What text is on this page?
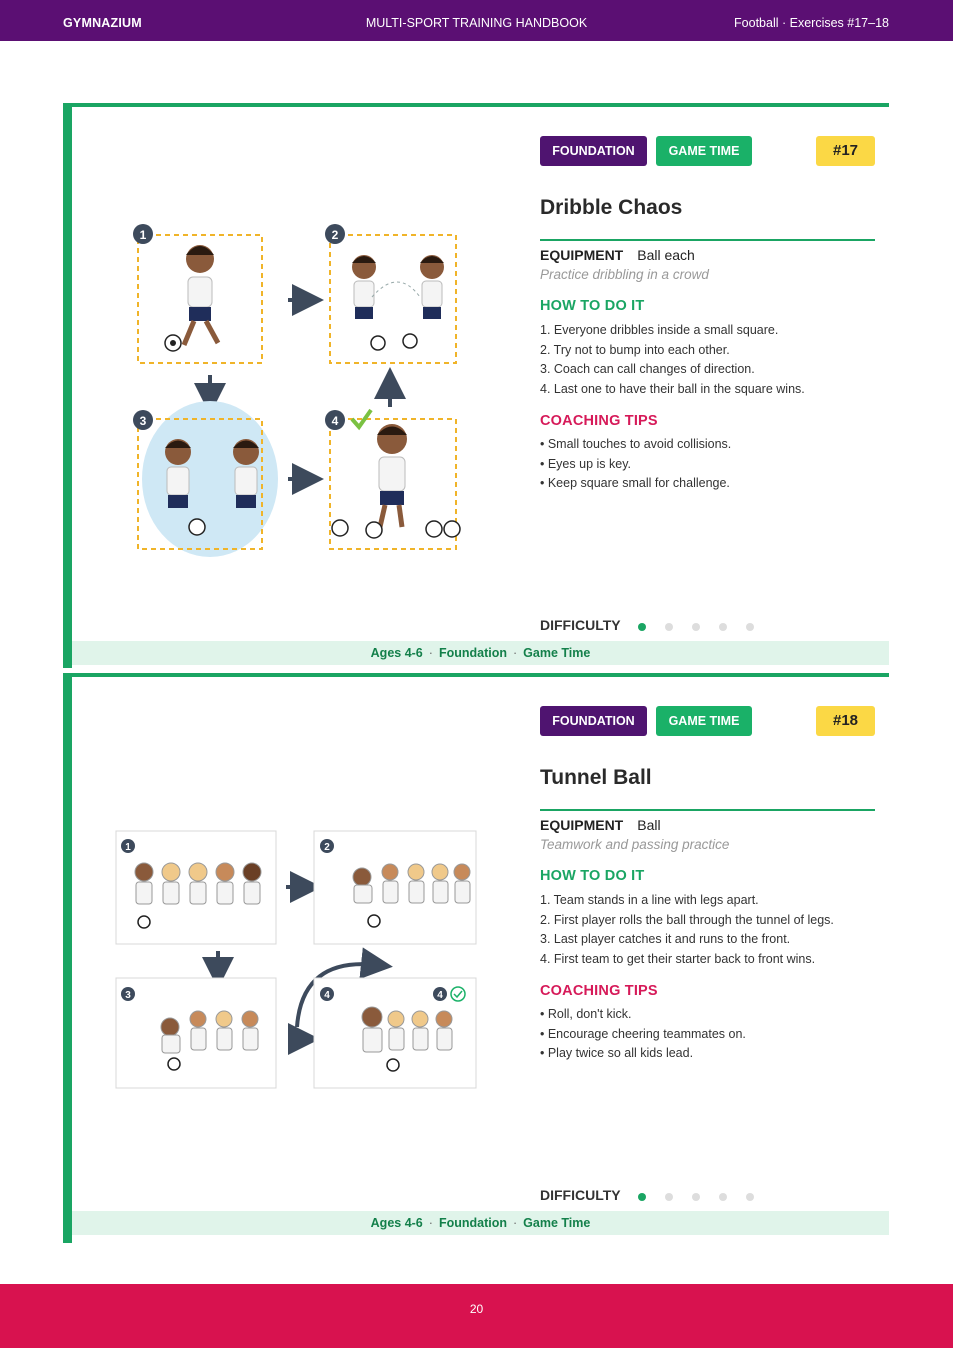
GYMNAZIUM	MULTI-SPORT TRAINING HANDBOOK	Football · Exercises #17–18
1	2
3	4
FOUNDATION	GAME TIME	#17
Dribble Chaos
EQUIPMENT Ball each
Practice dribbling in a crowd
HOW TO DO IT
1. Everyone dribbles inside a small square.
2. Try not to bump into each other.
3. Coach can call changes of direction.
4. Last one to have their ball in the square wins.
COACHING TIPS
• Small touches to avoid collisions.
• Eyes up is key.
• Keep square small for challenge.
DIFFICULTY
Ages 4-6 · Foundation · Game Time
1	2
3	4	4
FOUNDATION	GAME TIME	#18
Tunnel Ball
EQUIPMENT Ball
Teamwork and passing practice
HOW TO DO IT
1. Team stands in a line with legs apart.
2. First player rolls the ball through the tunnel of legs.
3. Last player catches it and runs to the front.
4. First team to get their starter back to front wins.
COACHING TIPS
• Roll, don't kick.
• Encourage cheering teammates on.
• Play twice so all kids lead.
DIFFICULTY
Ages 4-6 · Foundation · Game Time
20
